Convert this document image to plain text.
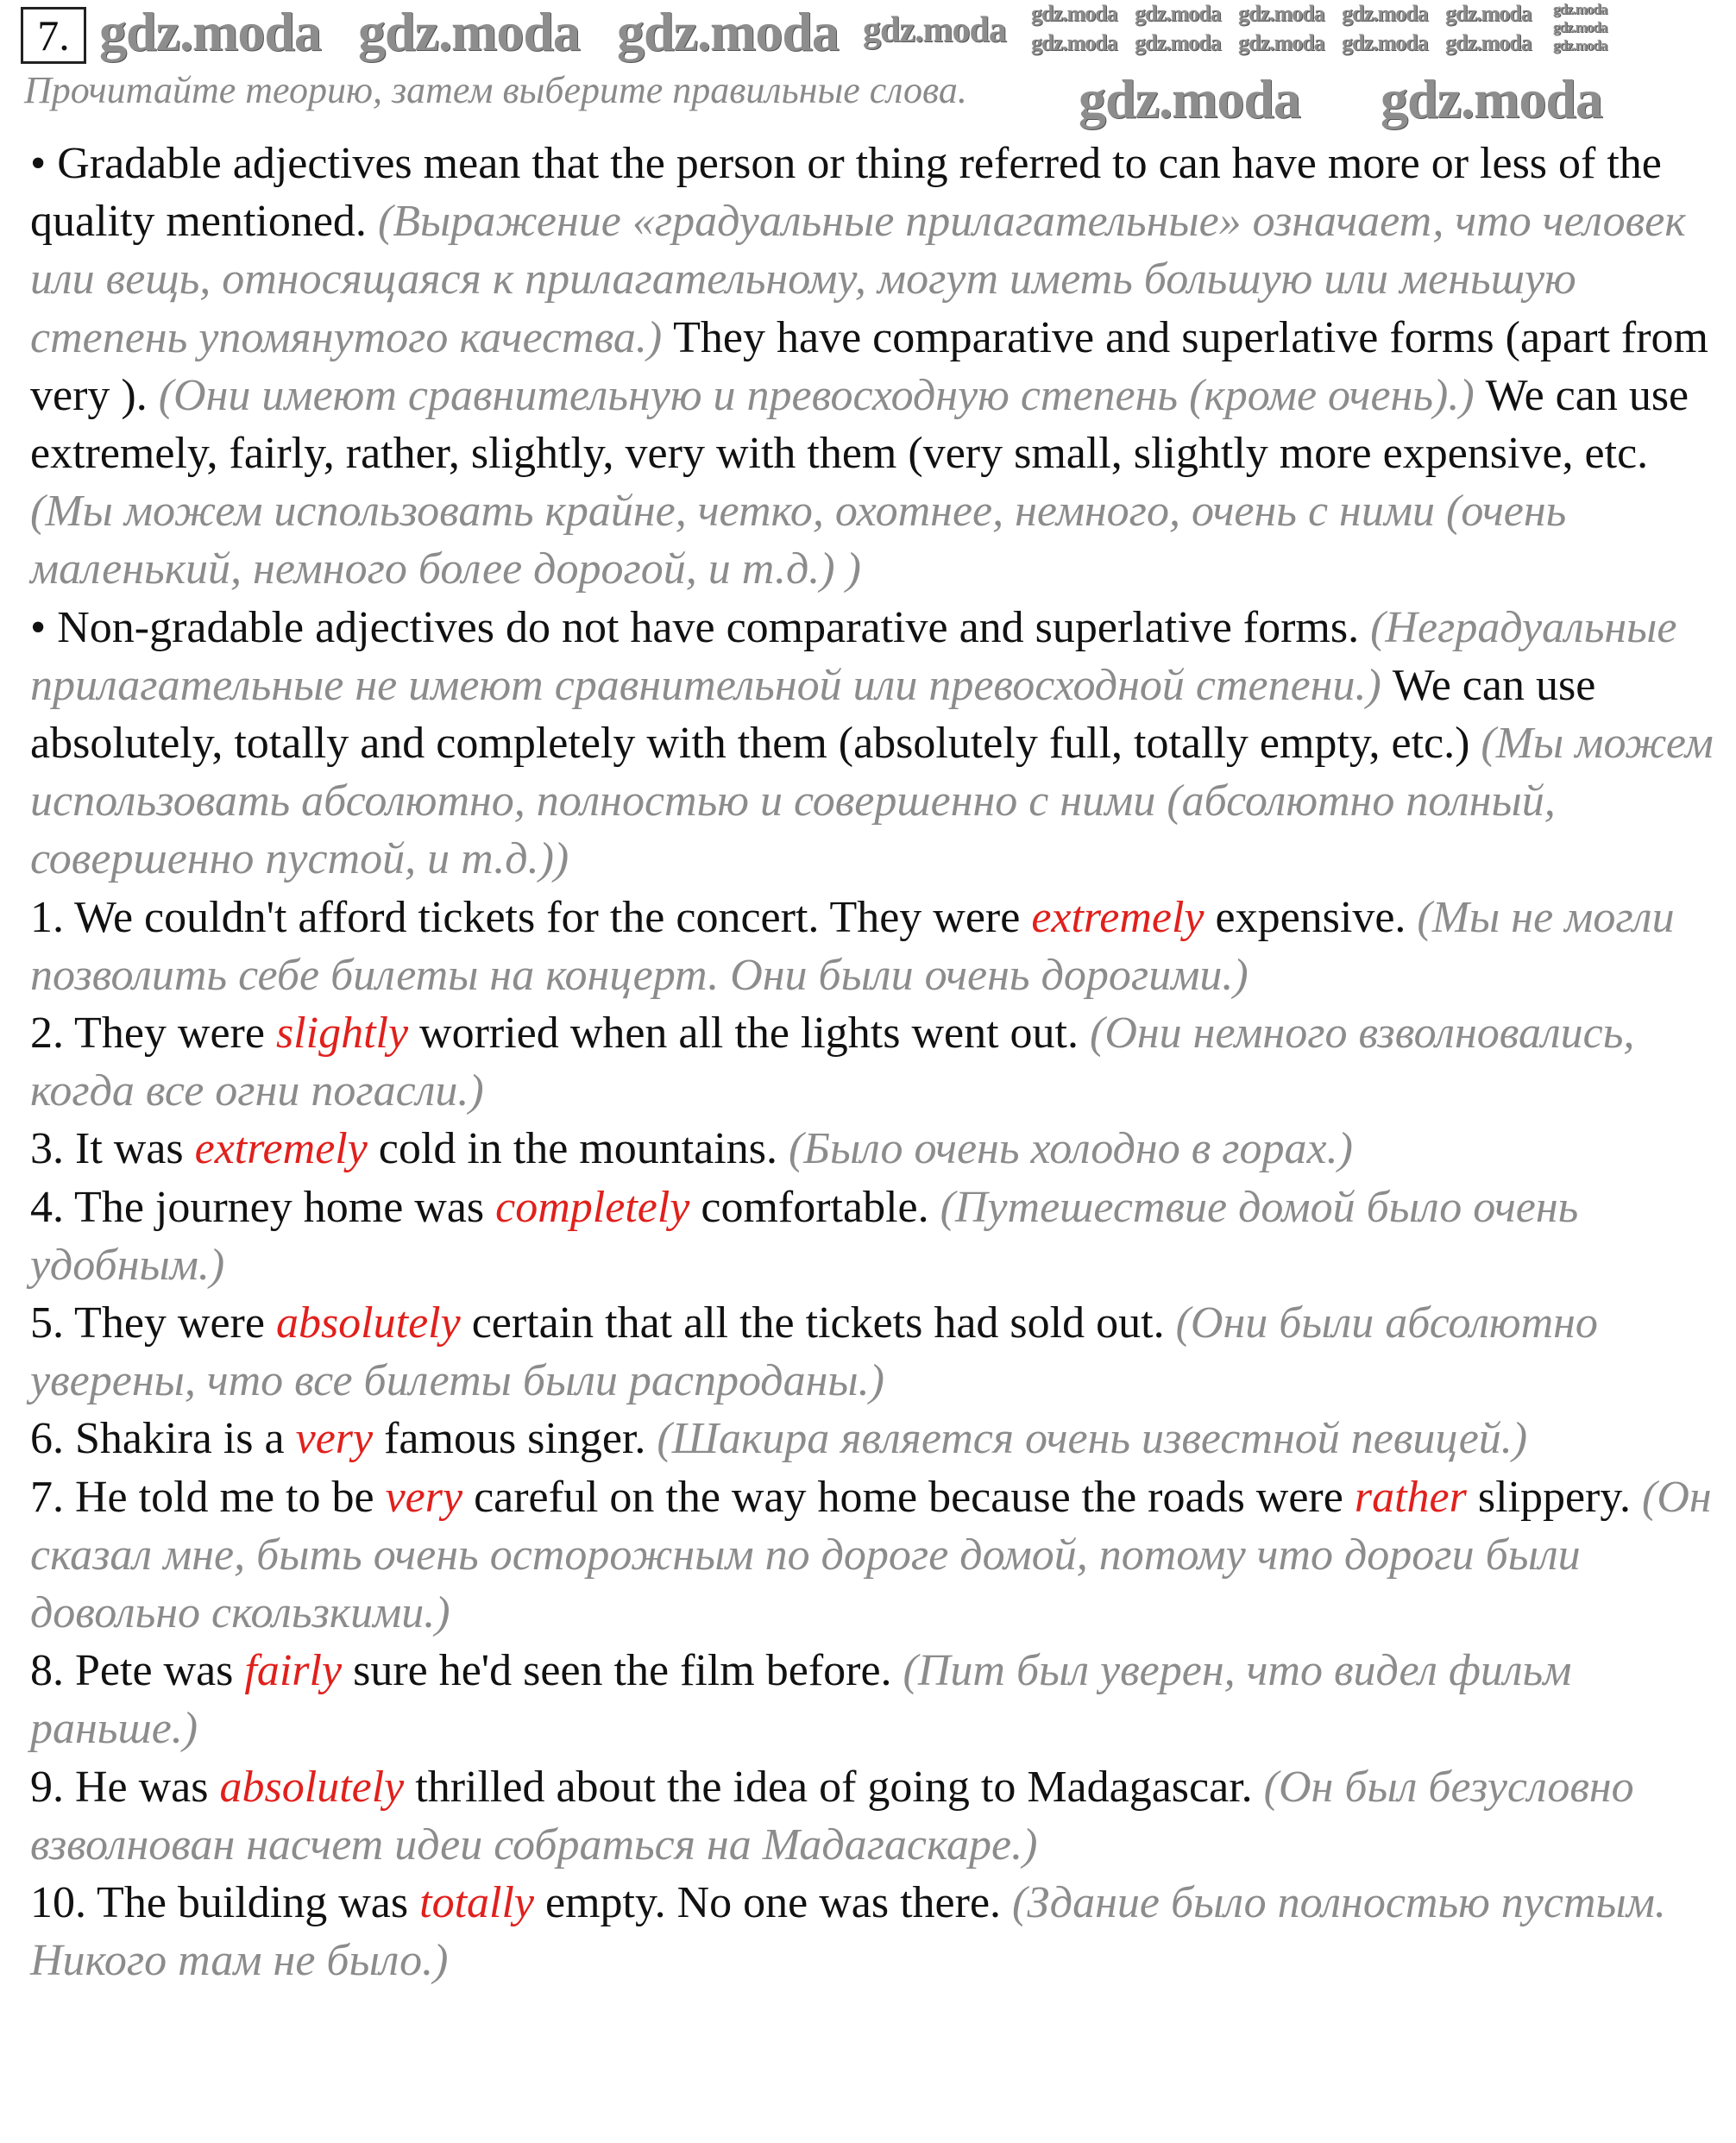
7.
Прочитайте теорию, затем выберите правильные слова.

• Gradable adjectives mean that the person or thing referred to can have more or less of the quality mentioned. (Выражение «градуальные прилагательные» означает, что человек или вещь, относящаяся к прилагательному, могут иметь большую или меньшую степень упомянутого качества.) They have comparative and superlative forms (apart from very ). (Они имеют сравнительную и превосходную степень (кроме очень).) We can use extremely, fairly, rather, slightly, very with them (very small, slightly more expensive, etc. (Мы можем использовать крайне, четко, охотнее, немного, очень с ними (очень маленький, немного более дорогой, и т.д.) )

• Non-gradable adjectives do not have comparative and superlative forms. (Неградуальные прилагательные не имеют сравнительной или превосходной степени.) We can use absolutely, totally and completely with them (absolutely full, totally empty, etc.) (Мы можем использовать абсолютно, полностью и совершенно с ними (абсолютно полный, совершенно пустой, и т.д.))

1. We couldn't afford tickets for the concert. They were extremely expensive. (Мы не могли позволить себе билеты на концерт. Они были очень дорогими.)

2. They were slightly worried when all the lights went out. (Они немного взволновались, когда все огни погасли.)

3. It was extremely cold in the mountains. (Было очень холодно в горах.)

4. The journey home was completely comfortable. (Путешествие домой было очень удобным.)

5. They were absolutely certain that all the tickets had sold out. (Они были абсолютно уверены, что все билеты были распроданы.)

6. Shakira is a very famous singer. (Шакира является очень известной певицей.)

7. He told me to be very careful on the way home because the roads were rather slippery. (Он сказал мне, быть очень осторожным по дороге домой, потому что дороги были довольно скользкими.)

8. Pete was fairly sure he'd seen the film before. (Пит был уверен, что видел фильм раньше.)

9. He was absolutely thrilled about the idea of going to Madagascar. (Он был безусловно взволнован насчет идеи собраться на Мадагаскаре.)

10. The building was totally empty. No one was there. (Здание было полностью пустым. Никого там не было.)

gdz.moda gdz.moda gdz.moda gdz.moda gdz.moda
gdz.moda
gdz.moda
gdz.moda
gdz.moda
gdz.moda
gdz.moda
gdz.moda
gdz.moda
gdz.moda
gdz.moda
gdz.moda
gdz.moda
gdz.moda gdz.moda
